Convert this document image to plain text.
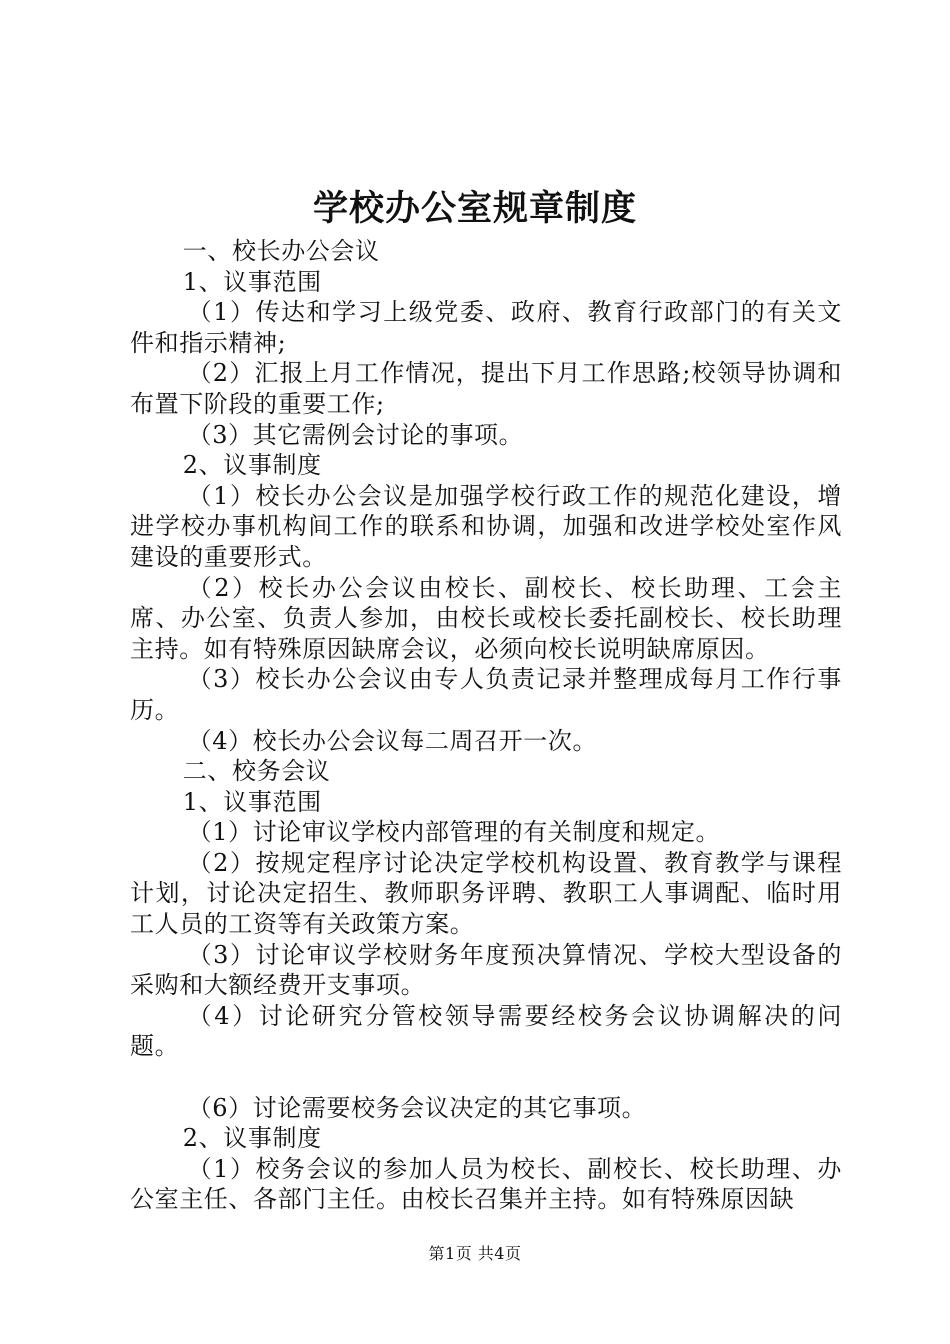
学校办公室规章制度

一、校长办公会议

1、议事范围

（1）传达和学习上级党委、政府、教育行政部门的有关文件和指示精神;

（2）汇报上月工作情况，提出下月工作思路;校领导协调和布置下阶段的重要工作;

（3）其它需例会讨论的事项。

2、议事制度

（1）校长办公会议是加强学校行政工作的规范化建设，增进学校办事机构间工作的联系和协调，加强和改进学校处室作风建设的重要形式。

（2）校长办公会议由校长、副校长、校长助理、工会主席、办公室、负责人参加，由校长或校长委托副校长、校长助理主持。如有特殊原因缺席会议，必须向校长说明缺席原因。

（3）校长办公会议由专人负责记录并整理成每月工作行事历。

（4）校长办公会议每二周召开一次。

二、校务会议

1、议事范围

（1）讨论审议学校内部管理的有关制度和规定。

（2）按规定程序讨论决定学校机构设置、教育教学与课程计划，讨论决定招生、教师职务评聘、教职工人事调配、临时用工人员的工资等有关政策方案。

（3）讨论审议学校财务年度预决算情况、学校大型设备的采购和大额经费开支事项。

（4）讨论研究分管校领导需要经校务会议协调解决的问题。

（6）讨论需要校务会议决定的其它事项。

2、议事制度

（1）校务会议的参加人员为校长、副校长、校长助理、办公室主任、各部门主任。由校长召集并主持。如有特殊原因缺

第1页 共4页
